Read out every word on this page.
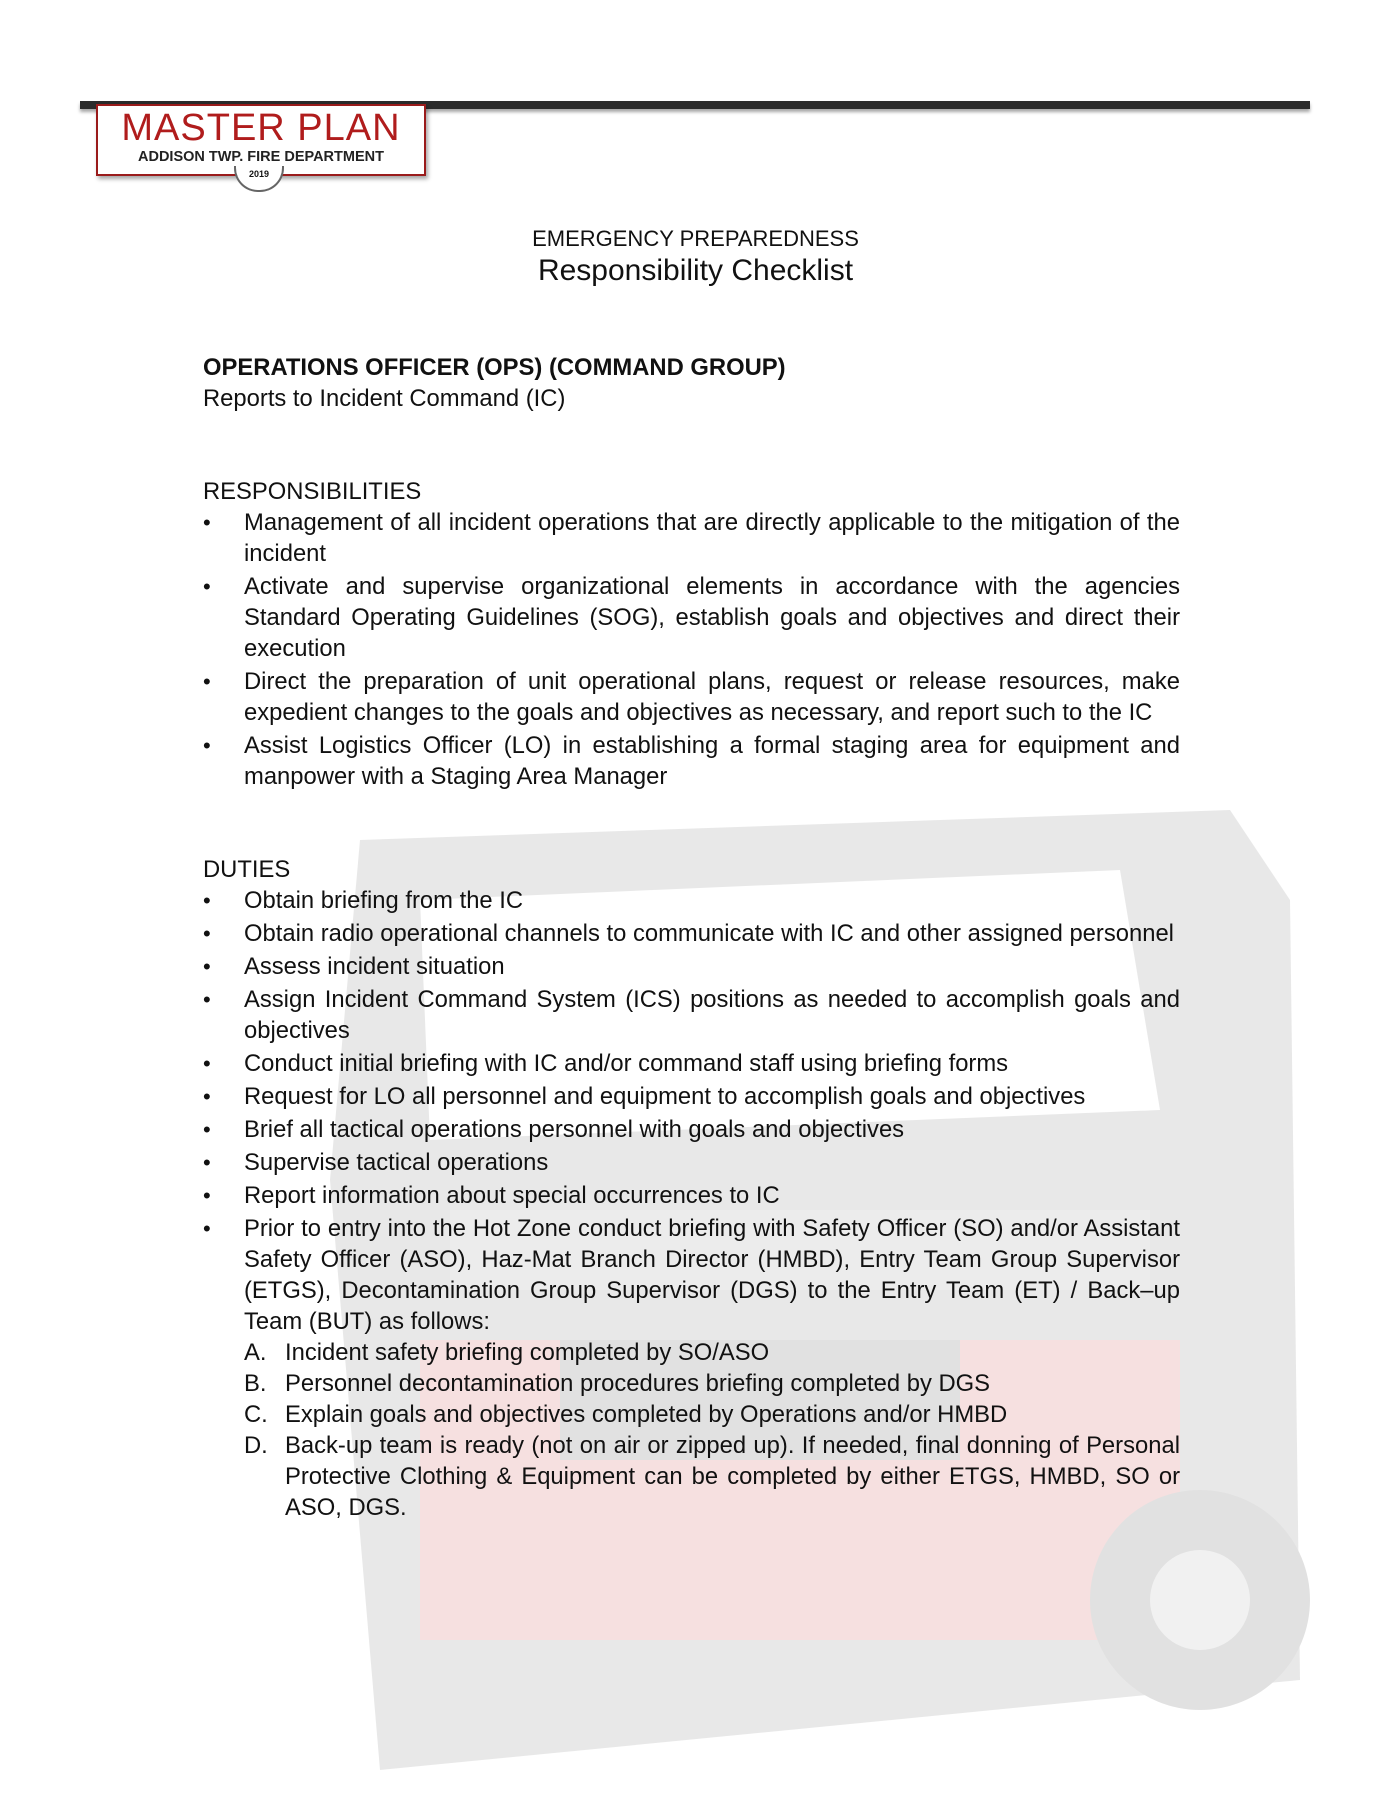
MASTER PLAN
ADDISON TWP. FIRE DEPARTMENT
2019
EMERGENCY PREPAREDNESS
Responsibility Checklist
OPERATIONS OFFICER (OPS) (COMMAND GROUP)
Reports to Incident Command (IC)
RESPONSIBILITIES
• Management of all incident operations that are directly applicable to the mitigation of the incident
• Activate and supervise organizational elements in accordance with the agencies Standard Operating Guidelines (SOG), establish goals and objectives and direct their execution
• Direct the preparation of unit operational plans, request or release resources, make expedient changes to the goals and objectives as necessary, and report such to the IC
• Assist Logistics Officer (LO) in establishing a formal staging area for equipment and manpower with a Staging Area Manager
DUTIES
• Obtain briefing from the IC
• Obtain radio operational channels to communicate with IC and other assigned personnel
• Assess incident situation
• Assign Incident Command System (ICS) positions as needed to accomplish goals and objectives
• Conduct initial briefing with IC and/or command staff using briefing forms
• Request for LO all personnel and equipment to accomplish goals and objectives
• Brief all tactical operations personnel with goals and objectives
• Supervise tactical operations
• Report information about special occurrences to IC
• Prior to entry into the Hot Zone conduct briefing with Safety Officer (SO) and/or Assistant Safety Officer (ASO), Haz-Mat Branch Director (HMBD), Entry Team Group Supervisor (ETGS), Decontamination Group Supervisor (DGS) to the Entry Team (ET) / Back–up Team (BUT) as follows:
A. Incident safety briefing completed by SO/ASO
B. Personnel decontamination procedures briefing completed by DGS
C. Explain goals and objectives completed by Operations and/or HMBD
D. Back-up team is ready (not on air or zipped up). If needed, final donning of Personal Protective Clothing & Equipment can be completed by either ETGS, HMBD, SO or ASO, DGS.
